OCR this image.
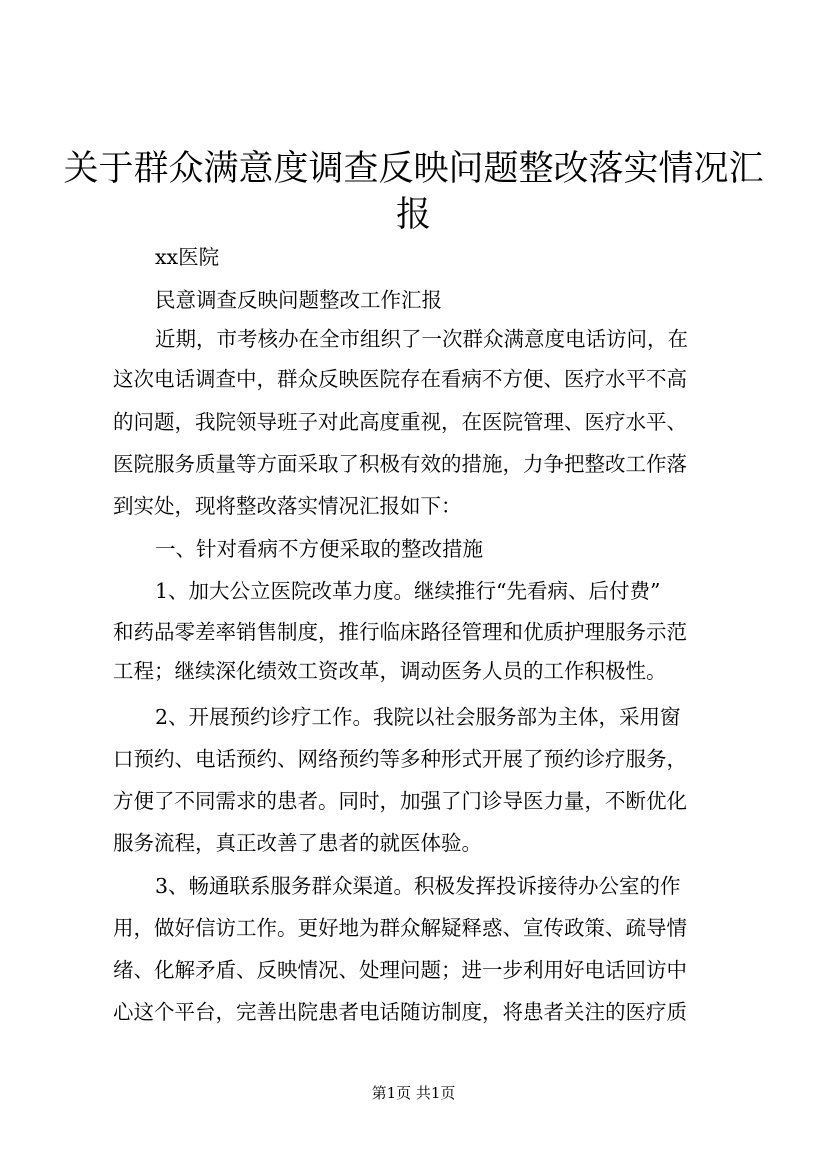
关于群众满意度调查反映问题整改落实情况汇
报

xx医院

民意调查反映问题整改工作汇报

近期，市考核办在全市组织了一次群众满意度电话访问，在

这次电话调查中，群众反映医院存在看病不方便、医疗水平不高

的问题，我院领导班子对此高度重视，在医院管理、医疗水平、

医院服务质量等方面采取了积极有效的措施，力争把整改工作落

到实处，现将整改落实情况汇报如下：

一、针对看病不方便采取的整改措施

1、加大公立医院改革力度。继续推行“先看病、后付费”

和药品零差率销售制度，推行临床路径管理和优质护理服务示范

工程；继续深化绩效工资改革，调动医务人员的工作积极性。

2、开展预约诊疗工作。我院以社会服务部为主体，采用窗

口预约、电话预约、网络预约等多种形式开展了预约诊疗服务，

方便了不同需求的患者。同时，加强了门诊导医力量，不断优化

服务流程，真正改善了患者的就医体验。

3、畅通联系服务群众渠道。积极发挥投诉接待办公室的作

用，做好信访工作。更好地为群众解疑释惑、宣传政策、疏导情

绪、化解矛盾、反映情况、处理问题；进一步利用好电话回访中

心这个平台，完善出院患者电话随访制度，将患者关注的医疗质

第1页 共1页
